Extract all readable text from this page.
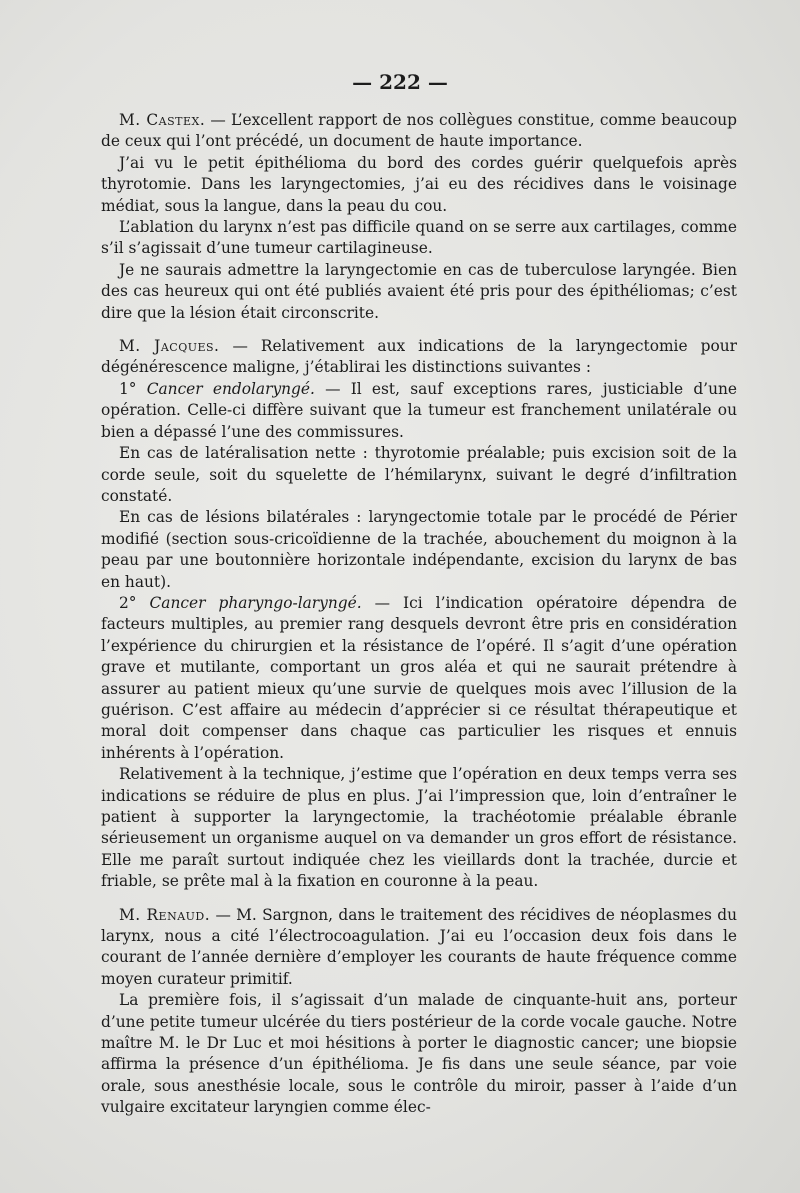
— 222 —

M. Castex. — L’excellent rapport de nos collègues constitue, comme beaucoup de ceux qui l’ont précédé, un document de haute importance.

J’ai vu le petit épithélioma du bord des cordes guérir quelquefois après thyrotomie. Dans les laryngectomies, j’ai eu des récidives dans le voisinage médiat, sous la langue, dans la peau du cou.

L’ablation du larynx n’est pas difficile quand on se serre aux cartilages, comme s’il s’agissait d’une tumeur cartilagineuse.

Je ne saurais admettre la laryngectomie en cas de tuberculose laryngée. Bien des cas heureux qui ont été publiés avaient été pris pour des épithéliomas; c’est dire que la lésion était circonscrite.

M. Jacques. — Relativement aux indications de la laryngectomie pour dégénérescence maligne, j’établirai les distinctions suivantes :

1° Cancer endolaryngé. — Il est, sauf exceptions rares, justiciable d’une opération. Celle-ci diffère suivant que la tumeur est franchement unilatérale ou bien a dépassé l’une des commissures.

En cas de latéralisation nette : thyrotomie préalable; puis excision soit de la corde seule, soit du squelette de l’hémilarynx, suivant le degré d’infiltration constaté.

En cas de lésions bilatérales : laryngectomie totale par le procédé de Périer modifié (section sous-cricoïdienne de la trachée, abouchement du moignon à la peau par une boutonnière horizontale indépendante, excision du larynx de bas en haut).

2° Cancer pharyngo-laryngé. — Ici l’indication opératoire dépendra de facteurs multiples, au premier rang desquels devront être pris en considération l’expérience du chirurgien et la résistance de l’opéré. Il s’agit d’une opération grave et mutilante, comportant un gros aléa et qui ne saurait prétendre à assurer au patient mieux qu’une survie de quelques mois avec l’illusion de la guérison. C’est affaire au médecin d’apprécier si ce résultat thérapeutique et moral doit compenser dans chaque cas particulier les risques et ennuis inhérents à l’opération.

Relativement à la technique, j’estime que l’opération en deux temps verra ses indications se réduire de plus en plus. J’ai l’impression que, loin d’entraîner le patient à supporter la laryngectomie, la trachéotomie préalable ébranle sérieusement un organisme auquel on va demander un gros effort de résistance. Elle me paraît surtout indiquée chez les vieillards dont la trachée, durcie et friable, se prête mal à la fixation en couronne à la peau.

M. Renaud. — M. Sargnon, dans le traitement des récidives de néoplasmes du larynx, nous a cité l’électrocoagulation. J’ai eu l’occasion deux fois dans le courant de l’année dernière d’employer les courants de haute fréquence comme moyen curateur primitif.

La première fois, il s’agissait d’un malade de cinquante-huit ans, porteur d’une petite tumeur ulcérée du tiers postérieur de la corde vocale gauche. Notre maître M. le Dr Luc et moi hésitions à porter le diagnostic cancer; une biopsie affirma la présence d’un épithélioma. Je fis dans une seule séance, par voie orale, sous anesthésie locale, sous le contrôle du miroir, passer à l’aide d’un vulgaire excitateur laryngien comme élec-
